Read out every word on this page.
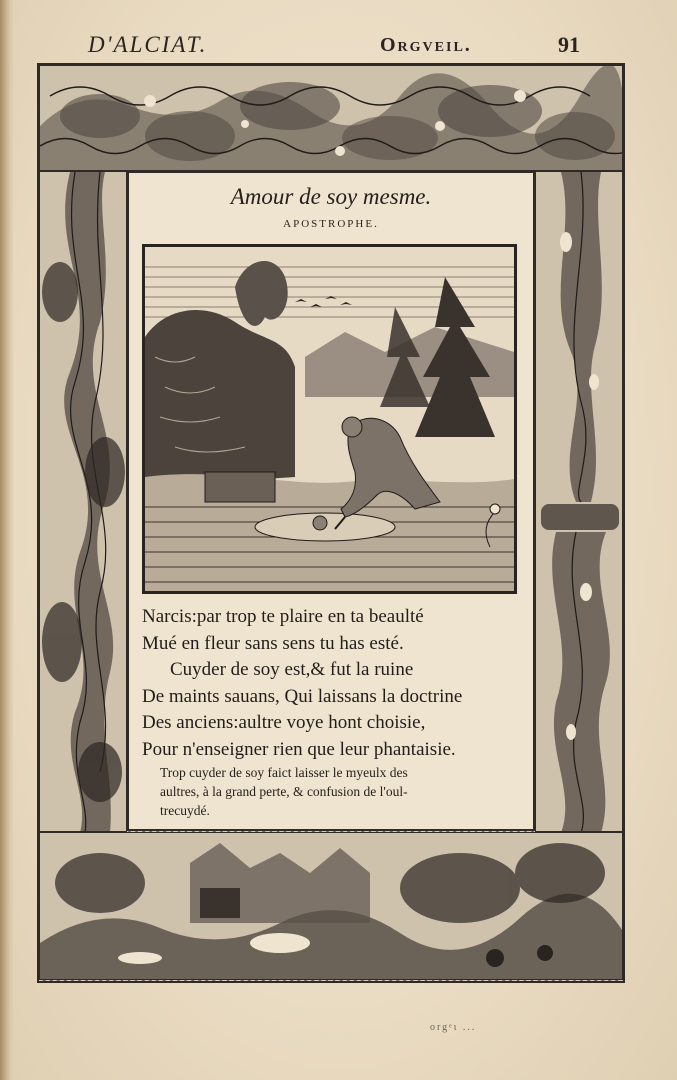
D'ALCIAT.	Orgveil.	91
Amour de soy mesme.
APOSTROPHE.
Narcis:par trop te plaire en ta beaulté
Mué en fleur sans sens tu has esté.
Cuyder de soy est,& fut la ruine
De maints sauans, Qui laissans la doctrine
Des anciens:aultre voye hont choisie,
Pour n'enseigner rien que leur phantaisie.
Trop cuyder de soy faict laisser le myeulx des
aultres, à la grand perte, & confusion de l'oul-
trecuydé.
ᴏrgᵉɩ ...
